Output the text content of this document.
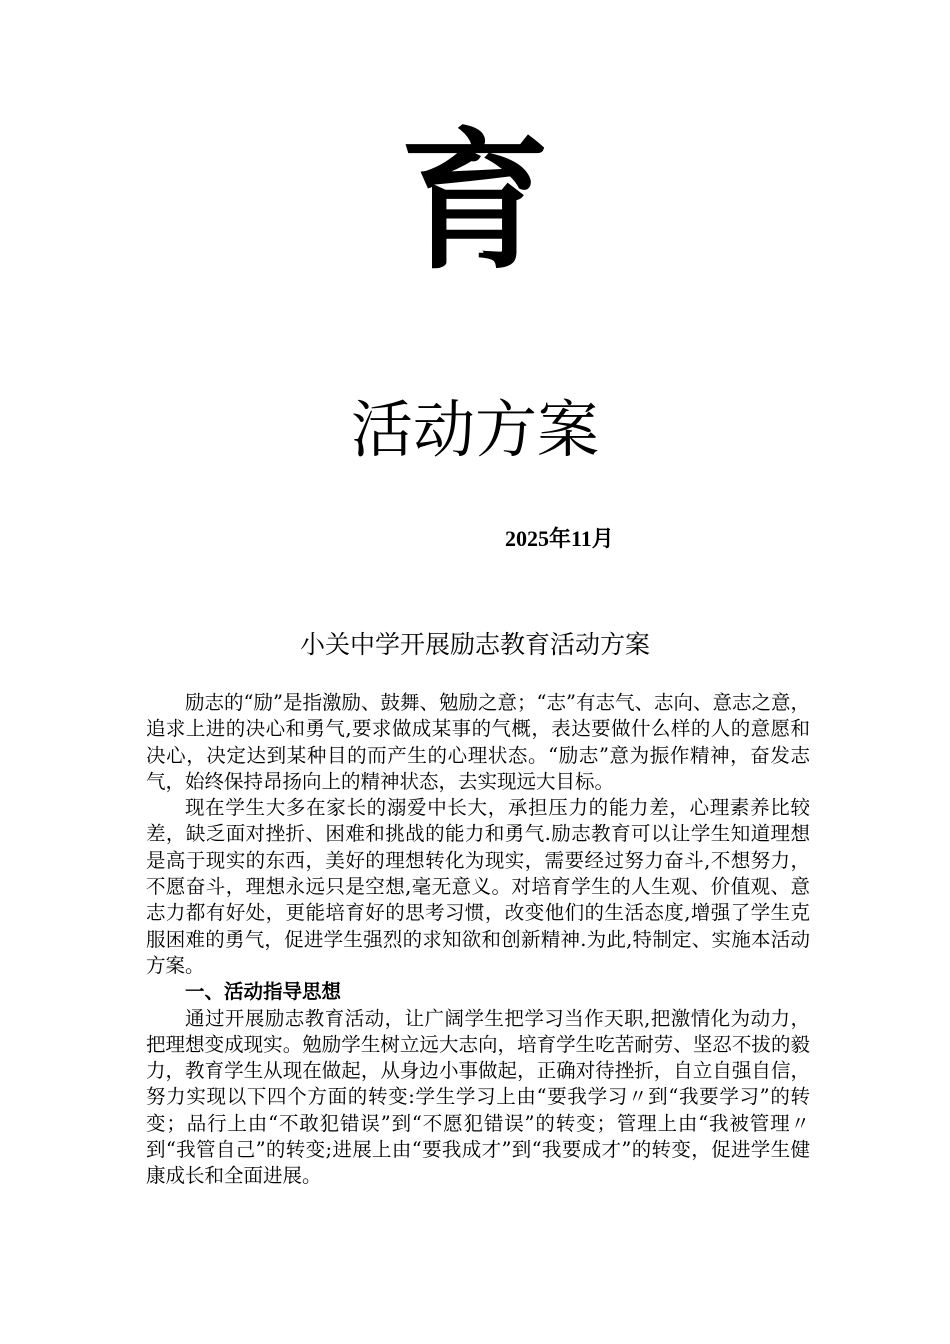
育
活动方案
2025年11月
小关中学开展励志教育活动方案

励志的“励”是指激励、鼓舞、勉励之意；“志”有志气、志向、意志之意，追求上进的决心和勇气,要求做成某事的气概，表达要做什么样的人的意愿和决心，决定达到某种目的而产生的心理状态。“励志”意为振作精神，奋发志气，始终保持昂扬向上的精神状态，去实现远大目标。

现在学生大多在家长的溺爱中长大，承担压力的能力差，心理素养比较差，缺乏面对挫折、困难和挑战的能力和勇气.励志教育可以让学生知道理想是高于现实的东西，美好的理想转化为现实，需要经过努力奋斗,不想努力，不愿奋斗，理想永远只是空想,毫无意义。对培育学生的人生观、价值观、意志力都有好处，更能培育好的思考习惯，改变他们的生活态度,增强了学生克服困难的勇气，促进学生强烈的求知欲和创新精神.为此,特制定、实施本活动方案。

一、活动指导思想

通过开展励志教育活动，让广阔学生把学习当作天职,把激情化为动力，把理想变成现实。勉励学生树立远大志向，培育学生吃苦耐劳、坚忍不拔的毅力，教育学生从现在做起，从身边小事做起，正确对待挫折，自立自强自信，努力实现以下四个方面的转变:学生学习上由“要我学习〃到“我要学习”的转变；品行上由“不敢犯错误”到“不愿犯错误”的转变；管理上由“我被管理〃到“我管自己”的转变;进展上由“要我成才”到“我要成才”的转变，促进学生健康成长和全面进展。
